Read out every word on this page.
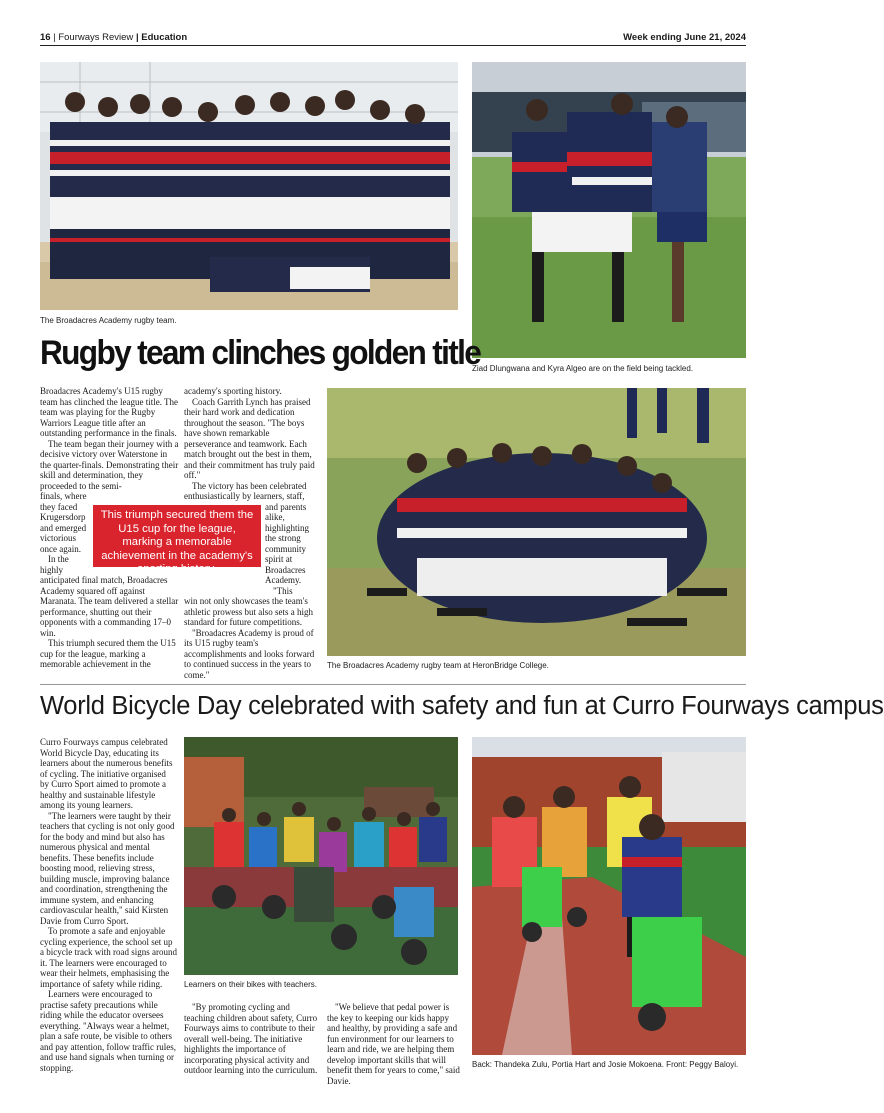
16 | Fourways Review | Education	Week ending June 21, 2024
The Broadacres Academy rugby team.
Ziad Dlungwana and Kyra Algeo are on the field being tackled.
Rugby team clinches golden title

Broadacres Academy's U15 rugby team has clinched the league title. The team was playing for the Rugby Warriors League title after an outstanding performance in the finals.

The team began their journey with a decisive victory over Waterstone in the quarter-finals. Demonstrating their skill and determination, they proceeded to the semi-

finals, where
they faced
Krugersdorp
and emerged
victorious
once again.
In the
highly

anticipated final match, Broadacres Academy squared off against Maranata. The team delivered a stellar performance, shutting out their opponents with a commanding 17–0 win.

This triumph secured them the U15 cup for the league, marking a memorable achievement in the

academy's sporting history.

Coach Garrith Lynch has praised their hard work and dedication throughout the season. "The boys have shown remarkable perseverance and teamwork. Each match brought out the best in them, and their commitment has truly paid off."

The victory has been celebrated enthusiastically by learners, staff,

and parents
alike,
highlighting
the strong
community
spirit at
Broadacres
Academy.
"This

win not only showcases the team's athletic prowess but also sets a high standard for future competitions.

"Broadacres Academy is proud of its U15 rugby team's accomplishments and looks forward to continued success in the years to come."

This triumph secured them the U15 cup for the league, marking a memorable achievement in the academy's sporting history.
The Broadacres Academy rugby team at HeronBridge College.
World Bicycle Day celebrated with safety and fun at Curro Fourways campus

Curro Fourways campus celebrated World Bicycle Day, educating its learners about the numerous benefits of cycling. The initiative organised by Curro Sport aimed to promote a healthy and sustainable lifestyle among its young learners.

"The learners were taught by their teachers that cycling is not only good for the body and mind but also has numerous physical and mental benefits. These benefits include boosting mood, relieving stress, building muscle, improving balance and coordination, strengthening the immune system, and enhancing cardiovascular health," said Kirsten Davie from Curro Sport.

To promote a safe and enjoyable cycling experience, the school set up a bicycle track with road signs around it. The learners were encouraged to wear their helmets, emphasising the importance of safety while riding.

Learners were encouraged to practise safety precautions while riding while the educator oversees everything. "Always wear a helmet, plan a safe route, be visible to others and pay attention, follow traffic rules, and use hand signals when turning or stopping.

Learners on their bikes with teachers.

"By promoting cycling and teaching children about safety, Curro Fourways aims to contribute to their overall well-being. The initiative highlights the importance of incorporating physical activity and outdoor learning into the curriculum.

"We believe that pedal power is the key to keeping our kids happy and healthy, by providing a safe and fun environment for our learners to learn and ride, we are helping them develop important skills that will benefit them for years to come," said Davie.

Back: Thandeka Zulu, Portia Hart and Josie Mokoena. Front: Peggy Baloyi.
